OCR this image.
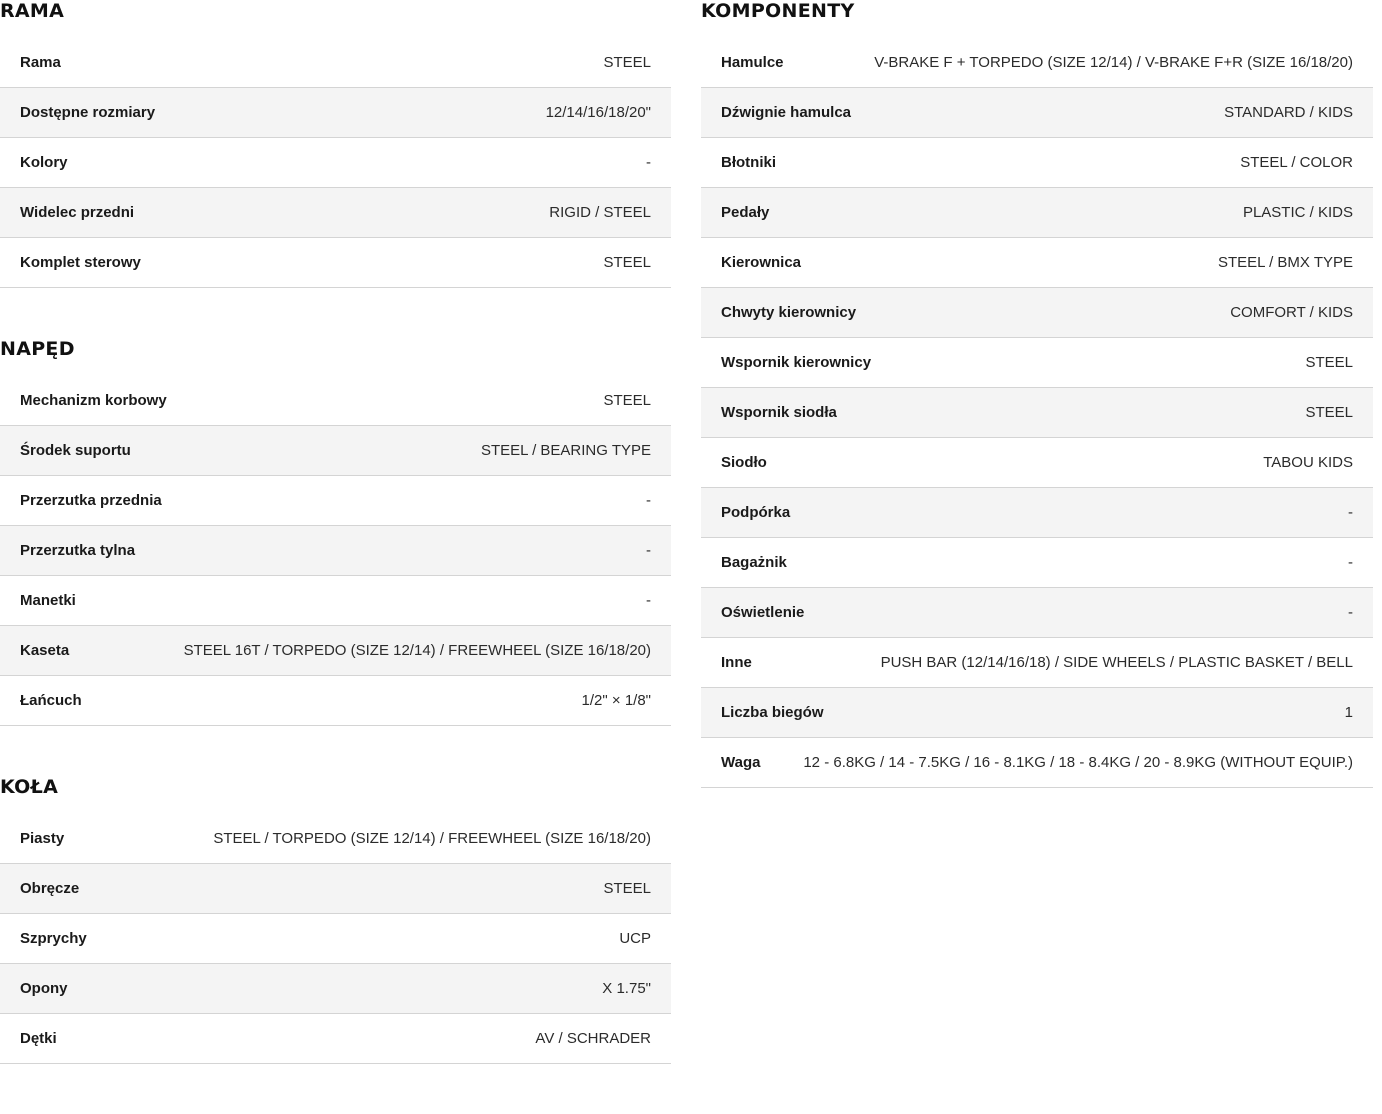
RAMA
Rama	STEEL
Dostępne rozmiary	12/14/16/18/20"
Kolory	-
Widelec przedni	RIGID / STEEL
Komplet sterowy	STEEL
NAPĘD
Mechanizm korbowy	STEEL
Środek suportu	STEEL / BEARING TYPE
Przerzutka przednia	-
Przerzutka tylna	-
Manetki	-
Kaseta	STEEL 16T / TORPEDO (SIZE 12/14) / FREEWHEEL (SIZE 16/18/20)
Łańcuch	1/2" × 1/8"
KOŁA
Piasty	STEEL / TORPEDO (SIZE 12/14) / FREEWHEEL (SIZE 16/18/20)
Obręcze	STEEL
Szprychy	UCP
Opony	X 1.75"
Dętki	AV / SCHRADER
KOMPONENTY
Hamulce	V-BRAKE F + TORPEDO (SIZE 12/14) / V-BRAKE F+R (SIZE 16/18/20)
Dźwignie hamulca	STANDARD / KIDS
Błotniki	STEEL / COLOR
Pedały	PLASTIC / KIDS
Kierownica	STEEL / BMX TYPE
Chwyty kierownicy	COMFORT / KIDS
Wspornik kierownicy	STEEL
Wspornik siodła	STEEL
Siodło	TABOU KIDS
Podpórka	-
Bagażnik	-
Oświetlenie	-
Inne	PUSH BAR (12/14/16/18) / SIDE WHEELS / PLASTIC BASKET / BELL
Liczba biegów	1
Waga	12 - 6.8KG / 14 - 7.5KG / 16 - 8.1KG / 18 - 8.4KG / 20 - 8.9KG (WITHOUT EQUIP.)
